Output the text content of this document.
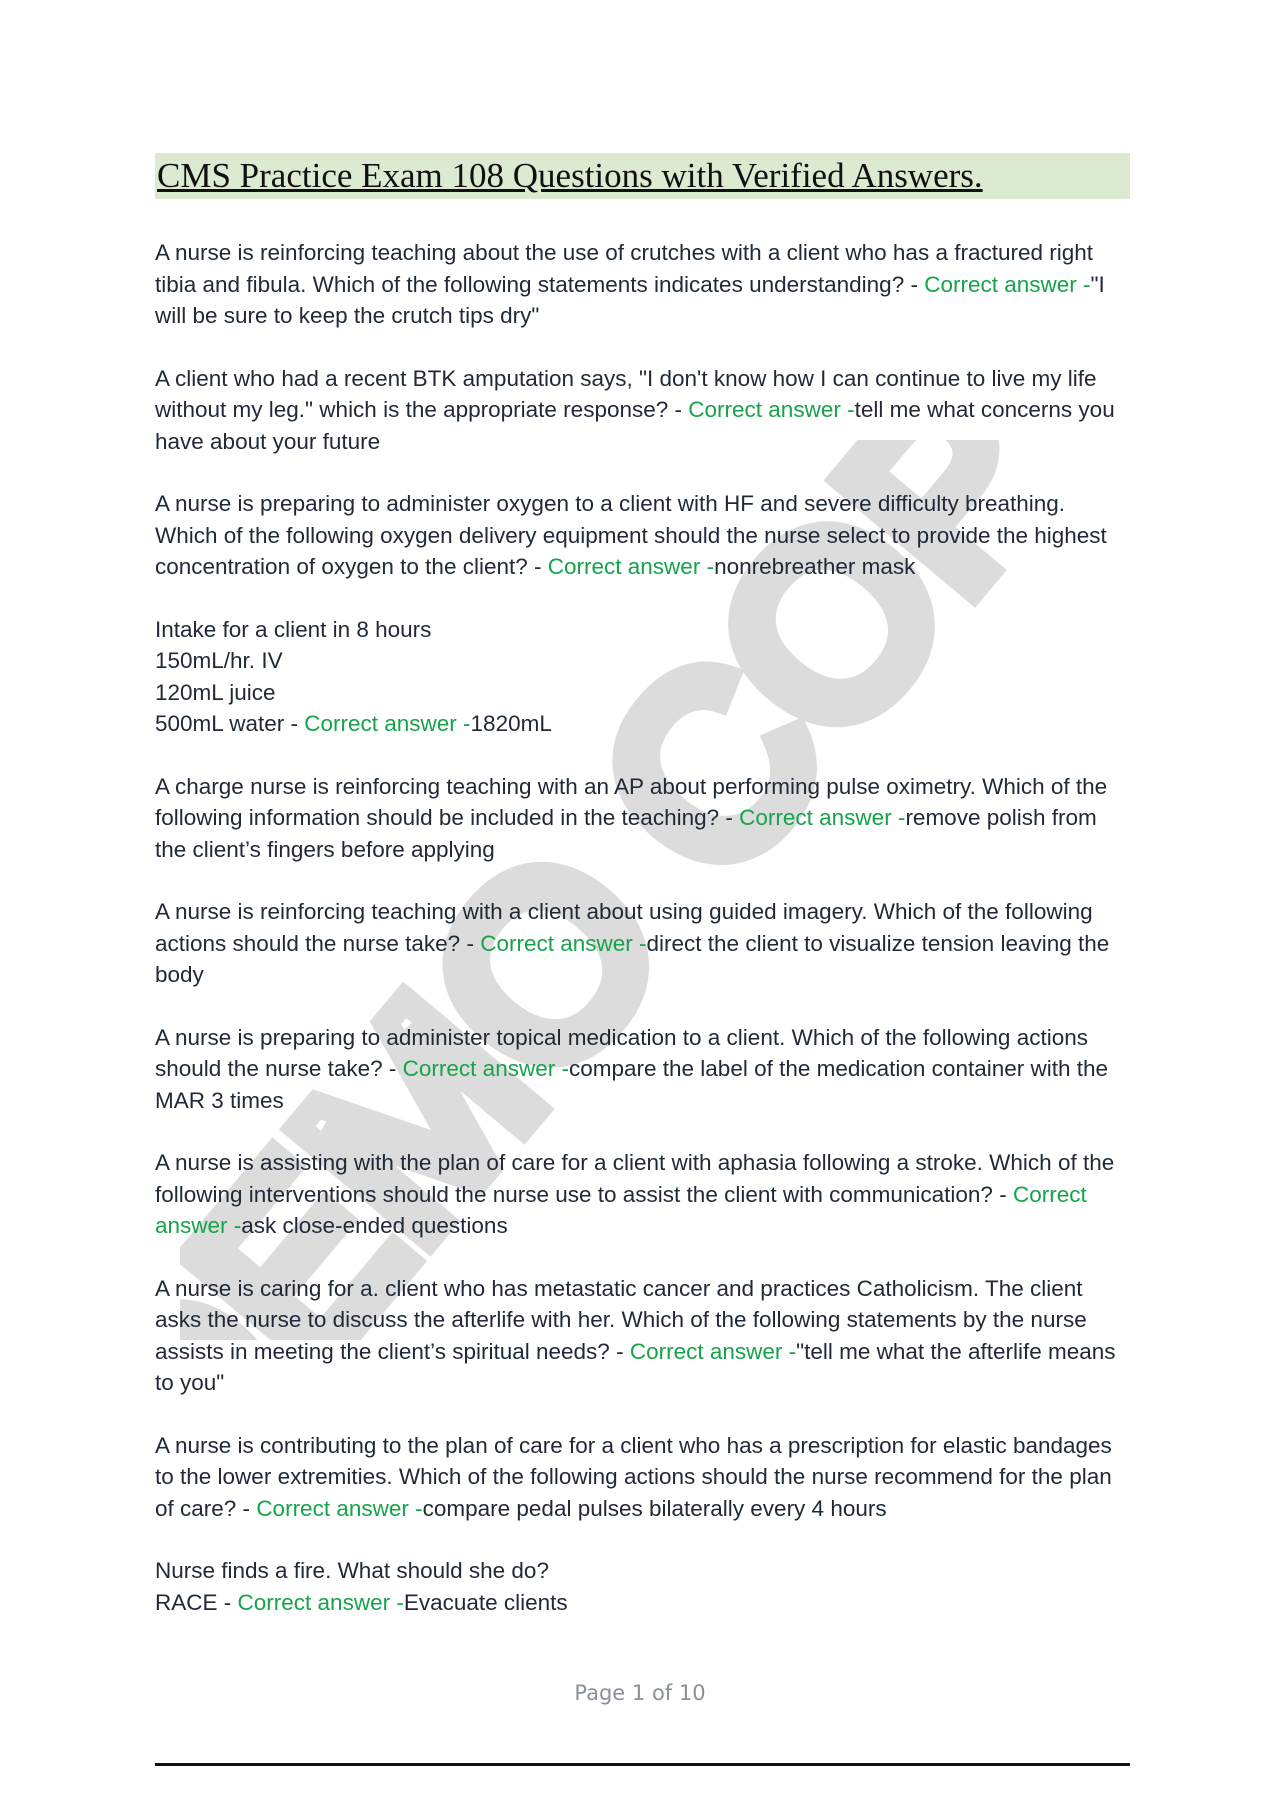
DEMO COPY
CMS Practice Exam 108 Questions with Verified Answers.
A nurse is reinforcing teaching about the use of crutches with a client who has a fractured right tibia and fibula. Which of the following statements indicates understanding? - Correct answer -"I will be sure to keep the crutch tips dry"
A client who had a recent BTK amputation says, "I don't know how I can continue to live my life without my leg." which is the appropriate response? - Correct answer -tell me what concerns you have about your future
A nurse is preparing to administer oxygen to a client with HF and severe difficulty breathing. Which of the following oxygen delivery equipment should the nurse select to provide the highest concentration of oxygen to the client? - Correct answer -nonrebreather mask
Intake for a client in 8 hours
150mL/hr. IV
120mL juice
500mL water - Correct answer -1820mL
A charge nurse is reinforcing teaching with an AP about performing pulse oximetry. Which of the following information should be included in the teaching? - Correct answer -remove polish from the client’s fingers before applying
A nurse is reinforcing teaching with a client about using guided imagery. Which of the following actions should the nurse take? - Correct answer -direct the client to visualize tension leaving the body
A nurse is preparing to administer topical medication to a client. Which of the following actions should the nurse take? - Correct answer -compare the label of the medication container with the MAR 3 times
A nurse is assisting with the plan of care for a client with aphasia following a stroke. Which of the following interventions should the nurse use to assist the client with communication? - Correct answer -ask close-ended questions
A nurse is caring for a. client who has metastatic cancer and practices Catholicism. The client asks the nurse to discuss the afterlife with her. Which of the following statements by the nurse assists in meeting the client’s spiritual needs? - Correct answer -"tell me what the afterlife means to you"
A nurse is contributing to the plan of care for a client who has a prescription for elastic bandages to the lower extremities. Which of the following actions should the nurse recommend for the plan of care? - Correct answer -compare pedal pulses bilaterally every 4 hours
Nurse finds a fire. What should she do?
RACE - Correct answer -Evacuate clients
Page 1 of 10
